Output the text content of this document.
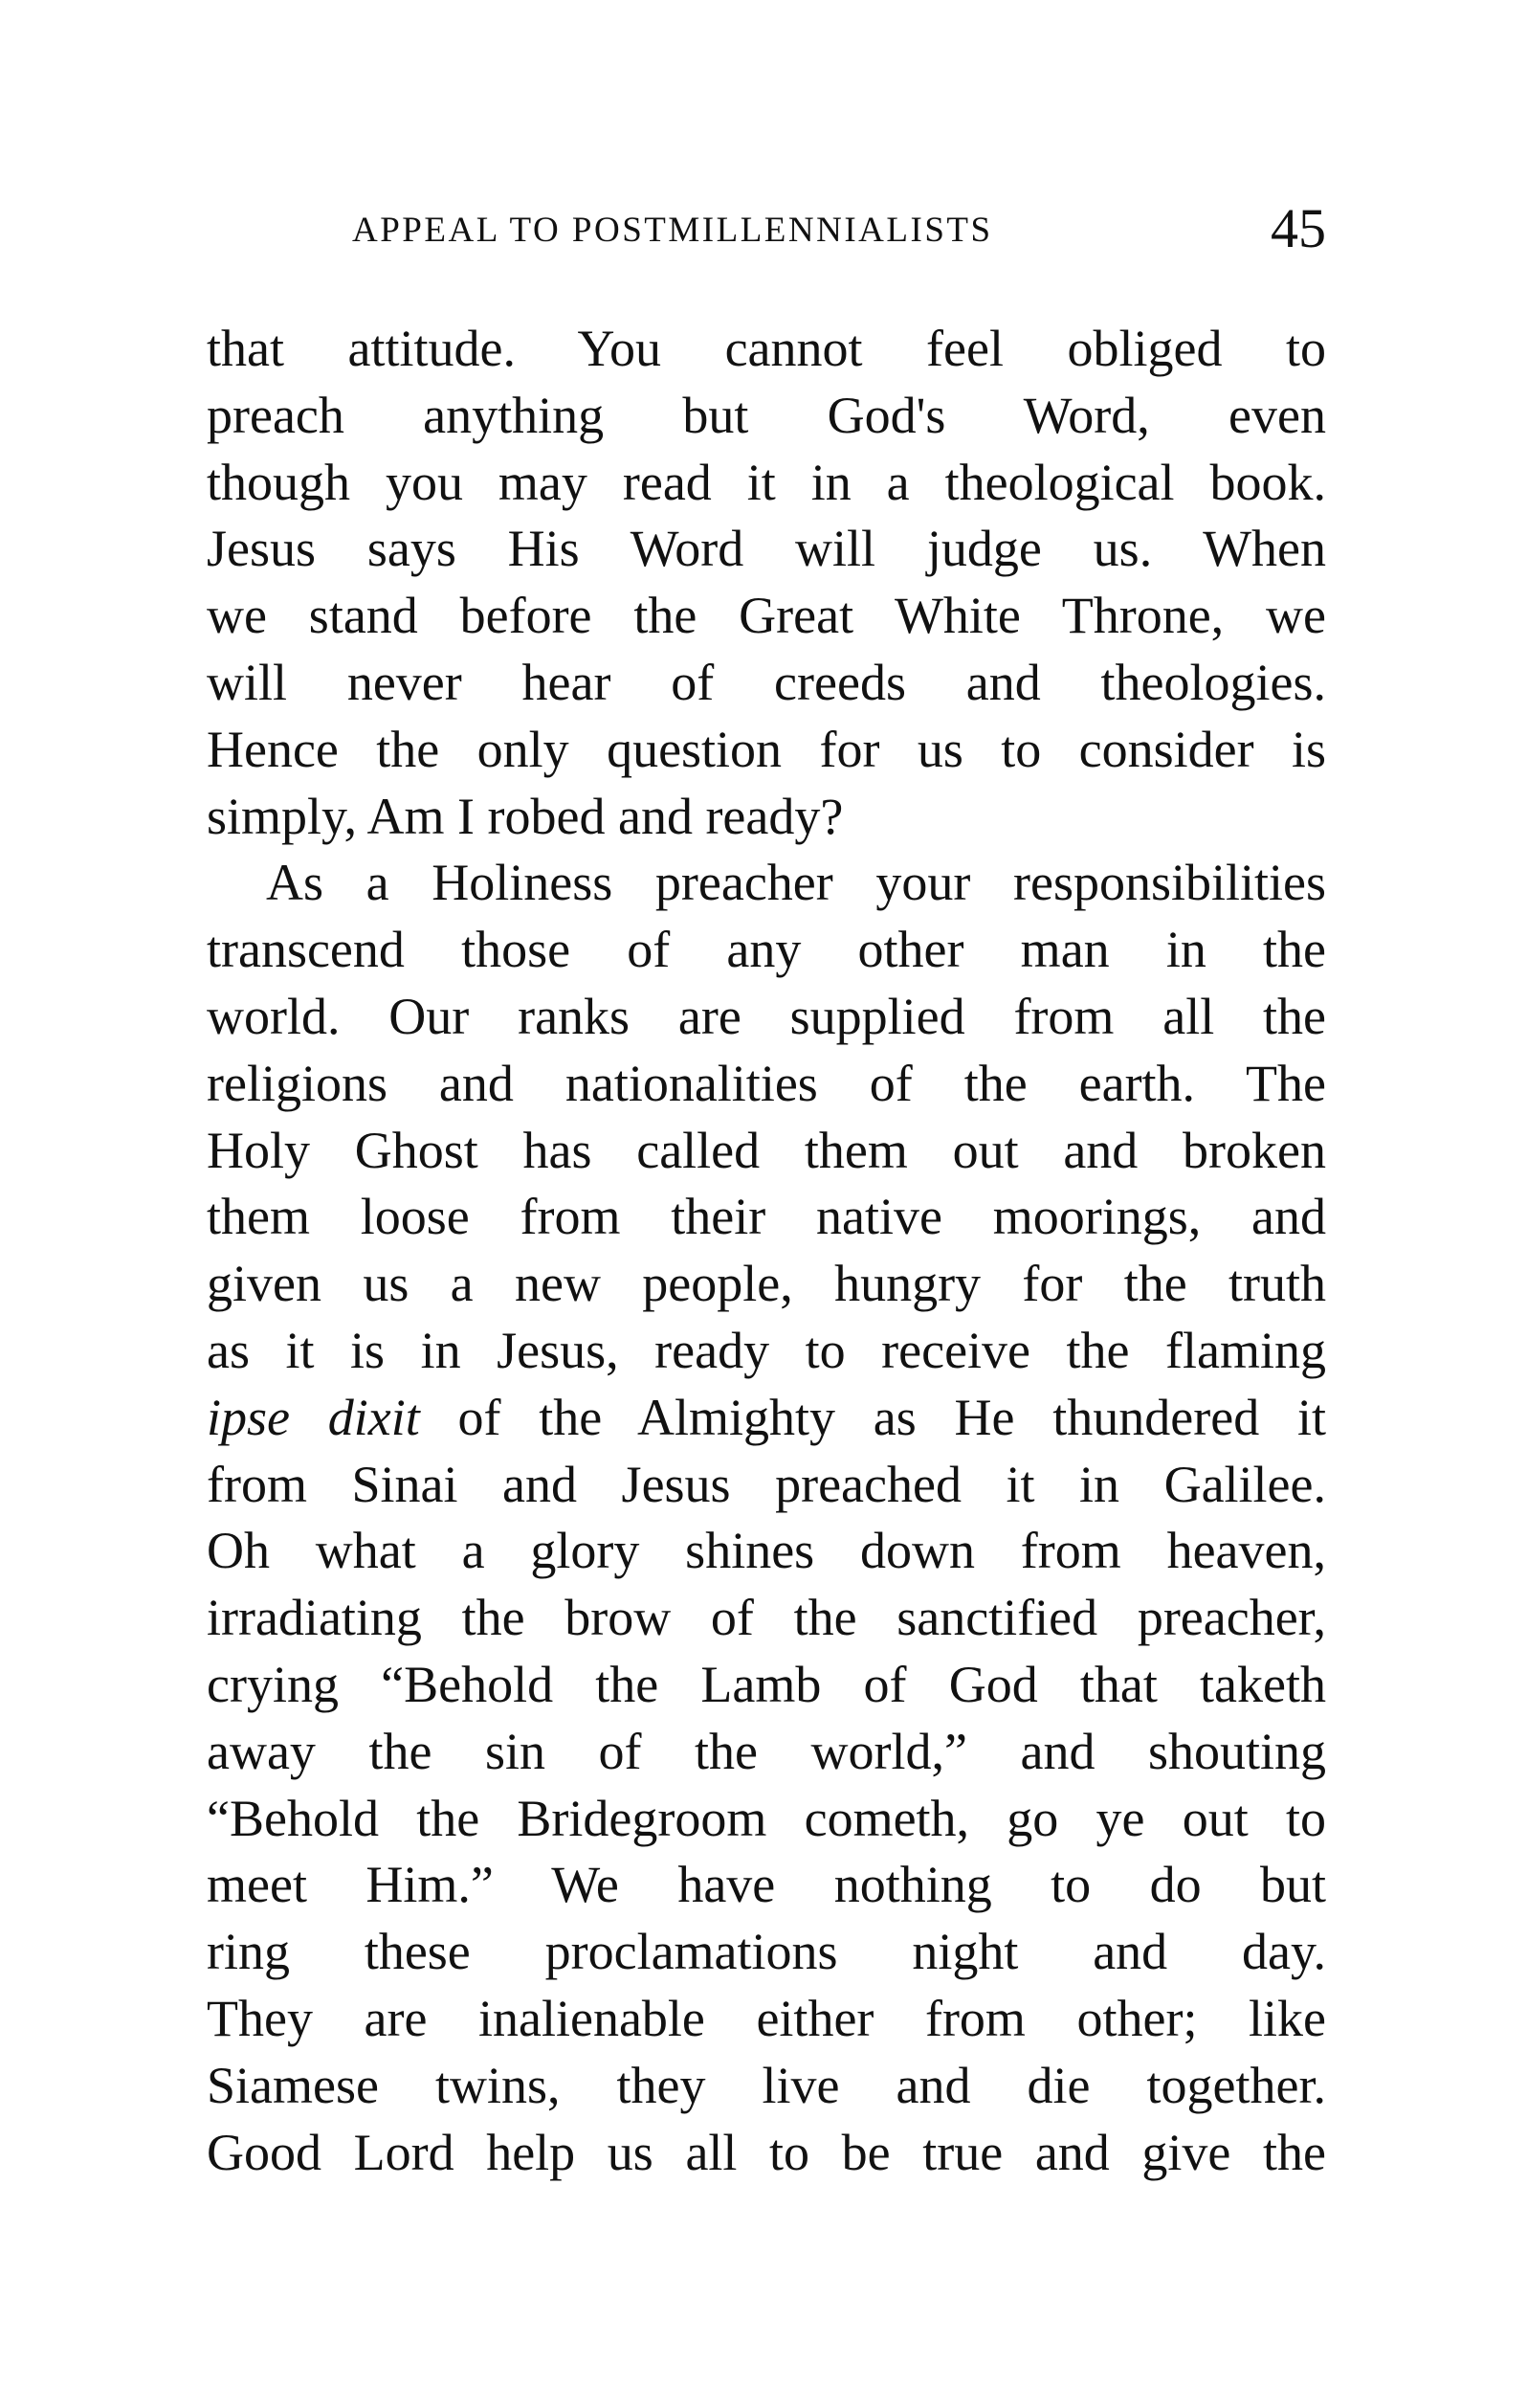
APPEAL TO POSTMILLENNIALISTS	45
that attitude. You cannot feel obliged to
preach anything but God's Word, even
though you may read it in a theological book.
Jesus says His Word will judge us. When
we stand before the Great White Throne, we
will never hear of creeds and theologies.
Hence the only question for us to consider is
simply, Am I robed and ready?
As a Holiness preacher your responsibilities
transcend those of any other man in the
world. Our ranks are supplied from all the
religions and nationalities of the earth. The
Holy Ghost has called them out and broken
them loose from their native moorings, and
given us a new people, hungry for the truth
as it is in Jesus, ready to receive the flaming
ipse dixit of the Almighty as He thundered it
from Sinai and Jesus preached it in Galilee.
Oh what a glory shines down from heaven,
irradiating the brow of the sanctified preacher,
crying “Behold the Lamb of God that taketh
away the sin of the world,” and shouting
“Behold the Bridegroom cometh, go ye out to
meet Him.” We have nothing to do but
ring these proclamations night and day.
They are inalienable either from other; like
Siamese twins, they live and die together.
Good Lord help us all to be true and give the
